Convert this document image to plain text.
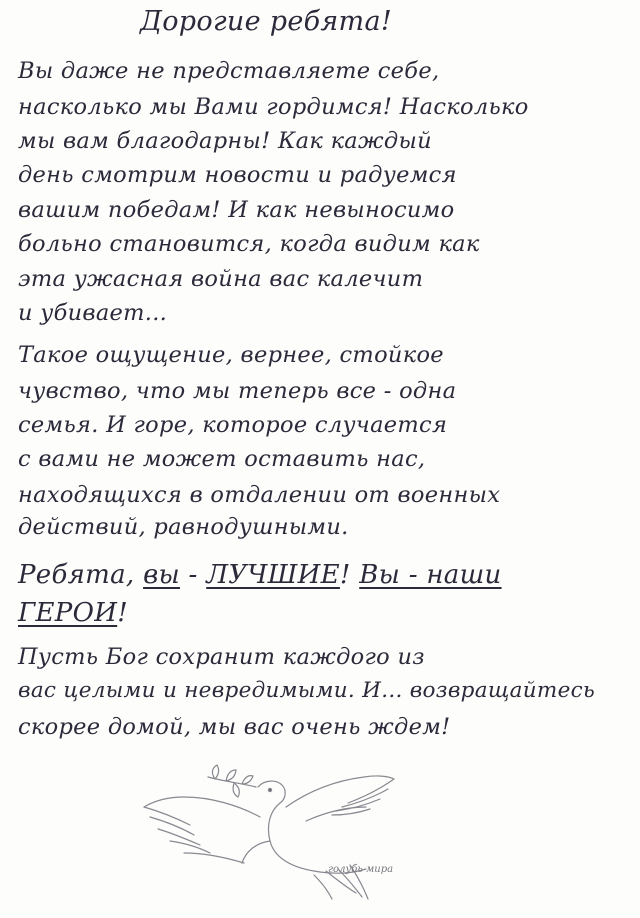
Дорогие ребята!
Вы даже не представляете себе,
насколько мы Вами гордимся! Насколько
мы вам благодарны! Как каждый
день смотрим новости и радуемся
вашим победам! И как невыносимо
больно становится, когда видим как
эта ужасная война вас калечит
и убивает...
Такое ощущение, вернее, стойкое
чувство, что мы теперь все - одна
семья. И горе, которое случается
с вами не может оставить нас,
находящихся в отдалении от военных
действий, равнодушными.
Ребята, вы - ЛУЧШИЕ! Вы - наши
ГЕРОИ!
Пусть Бог сохранит каждого из
вас целыми и невредимыми. И... возвращайтесь
скорее домой, мы вас очень ждем!
голубь мира
